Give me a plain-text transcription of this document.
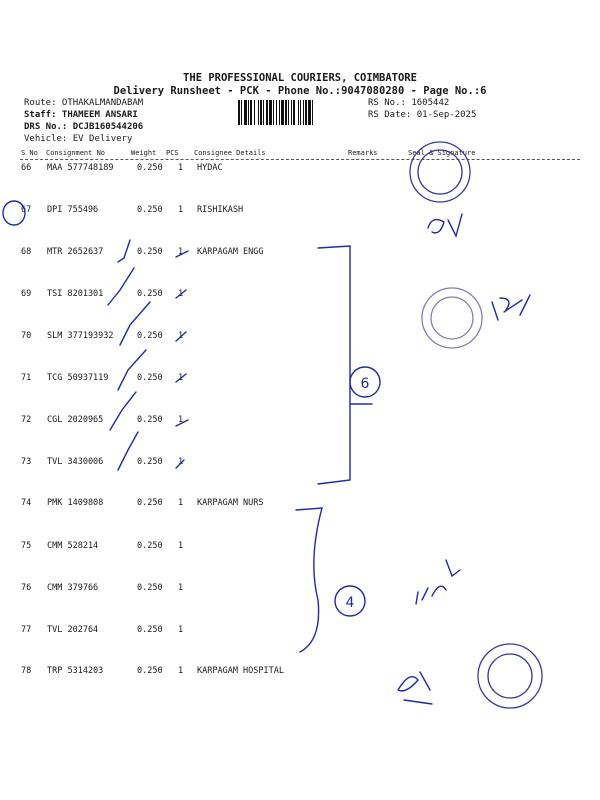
THE PROFESSIONAL COURIERS, COIMBATORE
Delivery Runsheet - PCK - Phone No.:9047080280 - Page No.:6
Route: OTHAKALMANDABAM
Staff: THAMEEM ANSARI
DRS No.: DCJB160544206
Vehicle: EV Delivery
RS No.: 1605442
RS Date: 01-Sep-2025
S No Consignment No	Weight PCS Consignee Details	Remarks	Seal & Signature
66 MAA 577748189	0.250 1 HYDAC
67 DPI 755496	0.250 1 RISHIKASH
68 MTR 2652637	0.250 1 KARPAGAM ENGG
69 TSI 8201301	0.250 1
70 SLM 377193932	0.250 1
71 TCG 50937119	0.250 1
72 CGL 2020965	0.250 1
73 TVL 3430006	0.250 1
74 PMK 1409808	0.250 1 KARPAGAM NURS
75 CMM 528214	0.250 1
76 CMM 379766	0.250 1
77 TVL 202764	0.250 1
78 TRP 5314203	0.250 1 KARPAGAM HOSPITAL
6
4
